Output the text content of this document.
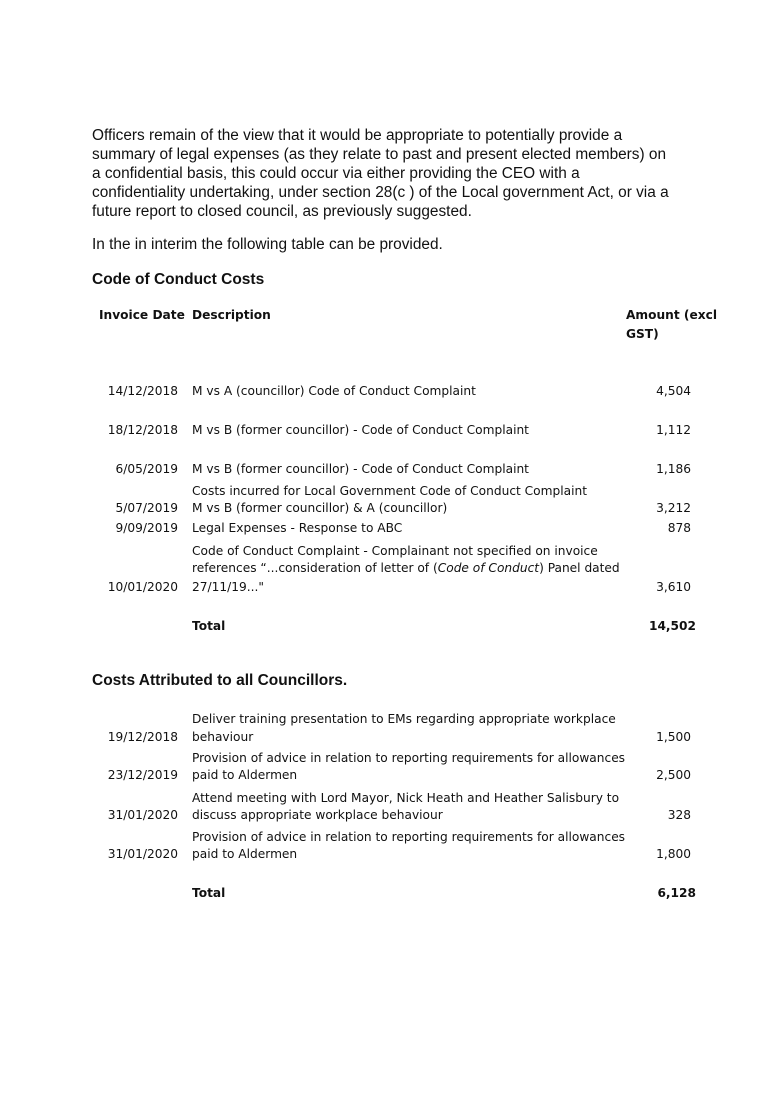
Officers remain of the view that it would be appropriate to potentially provide a
summary of legal expenses (as they relate to past and present elected members) on
a confidential basis, this could occur via either providing the CEO with a
confidentiality undertaking, under section 28(c ) of the Local government Act, or via a
future report to closed council, as previously suggested.
In the in interim the following table can be provided.
Code of Conduct Costs
Invoice Date Description	Amount (excl GST)
14/12/2018 M vs A (councillor) Code of Conduct Complaint	4,504
18/12/2018 M vs B (former councillor) - Code of Conduct Complaint	1,112
6/05/2019 M vs B (former councillor) - Code of Conduct Complaint	1,186
Costs incurred for Local Government Code of Conduct Complaint
5/07/2019 M vs B (former councillor) & A (councillor)	3,212
9/09/2019 Legal Expenses - Response to ABC	878
Code of Conduct Complaint - Complainant not specified on invoice
references “...consideration of letter of (Code of Conduct) Panel dated
10/01/2020 27/11/19..."	3,610
Total	14,502
Costs Attributed to all Councillors.
Deliver training presentation to EMs regarding appropriate workplace
19/12/2018 behaviour	1,500
Provision of advice in relation to reporting requirements for allowances
23/12/2019 paid to Aldermen	2,500
Attend meeting with Lord Mayor, Nick Heath and Heather Salisbury to
31/01/2020 discuss appropriate workplace behaviour	328
Provision of advice in relation to reporting requirements for allowances
31/01/2020 paid to Aldermen	1,800
Total	6,128
